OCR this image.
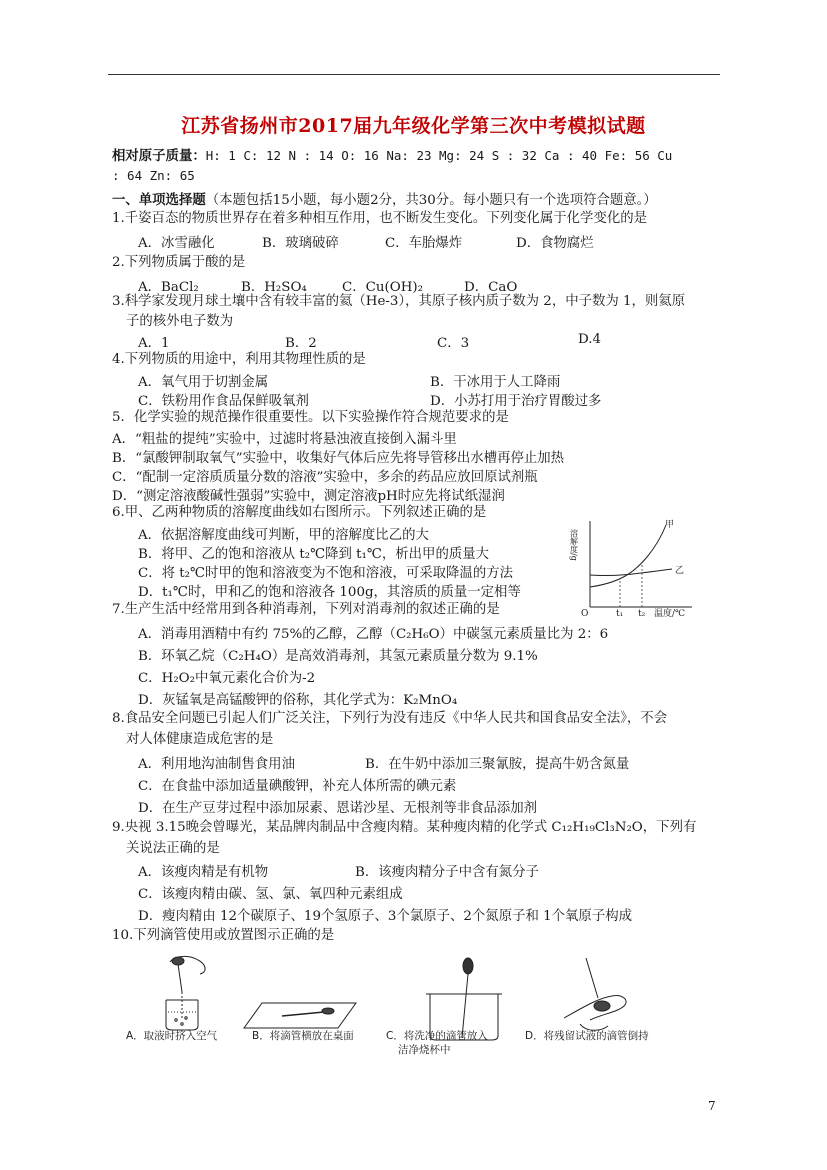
江苏省扬州市2017届九年级化学第三次中考模拟试题
相对原子质量：H: 1 C: 12 N : 14 O: 16 Na: 23 Mg: 24 S : 32 Ca : 40 Fe: 56 Cu
: 64 Zn: 65
一、单项选择题（本题包括15小题，每小题2分，共30分。每小题只有一个选项符合题意。）
1.千姿百态的物质世界存在着多种相互作用，也不断发生变化。下列变化属于化学变化的是
A．冰雪融化	B．玻璃破碎	C．车胎爆炸	D．食物腐烂
2.下列物质属于酸的是
A．BaCl₂	B．H₂SO₄	C．Cu(OH)₂	D．CaO
3.科学家发现月球土壤中含有较丰富的氦（He-3），其原子核内质子数为 2，中子数为 1，则氦原
子的核外电子数为
A．1	B．2	C．3	D.4
4.下列物质的用途中，利用其物理性质的是
A．氧气用于切割金属	B．干冰用于人工降雨
C．铁粉用作食品保鲜吸氧剂	D．小苏打用于治疗胃酸过多
5．化学实验的规范操作很重要性。以下实验操作符合规范要求的是
A．“粗盐的提纯”实验中，过滤时将悬浊液直接倒入漏斗里
B．“氯酸钾制取氧气”实验中，收集好气体后应先将导管移出水槽再停止加热
C．“配制一定溶质质量分数的溶液”实验中，多余的药品应放回原试剂瓶
D．“测定溶液酸碱性强弱”实验中，测定溶液pH时应先将试纸湿润
6.甲、乙两种物质的溶解度曲线如右图所示。下列叙述正确的是
A．依据溶解度曲线可判断，甲的溶解度比乙的大
B．将甲、乙的饱和溶液从 t₂℃降到 t₁℃，析出甲的质量大
C．将 t₂℃时甲的饱和溶液变为不饱和溶液，可采取降温的方法
D．t₁℃时，甲和乙的饱和溶液各 100g，其溶质的质量一定相等
溶解度/g
O	t₁ t₂ 温度/℃
甲
乙
7.生产生活中经常用到各种消毒剂，下列对消毒剂的叙述正确的是
A．消毒用酒精中有约 75%的乙醇，乙醇（C₂H₆O）中碳氢元素质量比为 2：6
B．环氧乙烷（C₂H₄O）是高效消毒剂，其氢元素质量分数为 9.1%
C．H₂O₂中氧元素化合价为-2
D．灰锰氧是高锰酸钾的俗称，其化学式为：K₂MnO₄
8.食品安全问题已引起人们广泛关注，下列行为没有违反《中华人民共和国食品安全法》，不会
对人体健康造成危害的是
A．利用地沟油制售食用油	B．在牛奶中添加三聚氰胺，提高牛奶含氮量
C．在食盐中添加适量碘酸钾，补充人体所需的碘元素
D．在生产豆芽过程中添加尿素、恩诺沙星、无根剂等非食品添加剂
9.央视 3.15晚会曾曝光，某品牌肉制品中含瘦肉精。某种瘦肉精的化学式 C₁₂H₁₉Cl₃N₂O，下列有
关说法正确的是
A．该瘦肉精是有机物	B．该瘦肉精分子中含有氮分子
C．该瘦肉精由碳、氢、氯、氧四种元素组成
D．瘦肉精由 12个碳原子、19个氢原子、3个氯原子、2个氮原子和 1个氧原子构成
10.下列滴管使用或放置图示正确的是
A．取液时挤入空气	B．将滴管横放在桌面	C．将洗净的滴管放入
洁净烧杯中
D．将残留试液的滴管倒持
7
